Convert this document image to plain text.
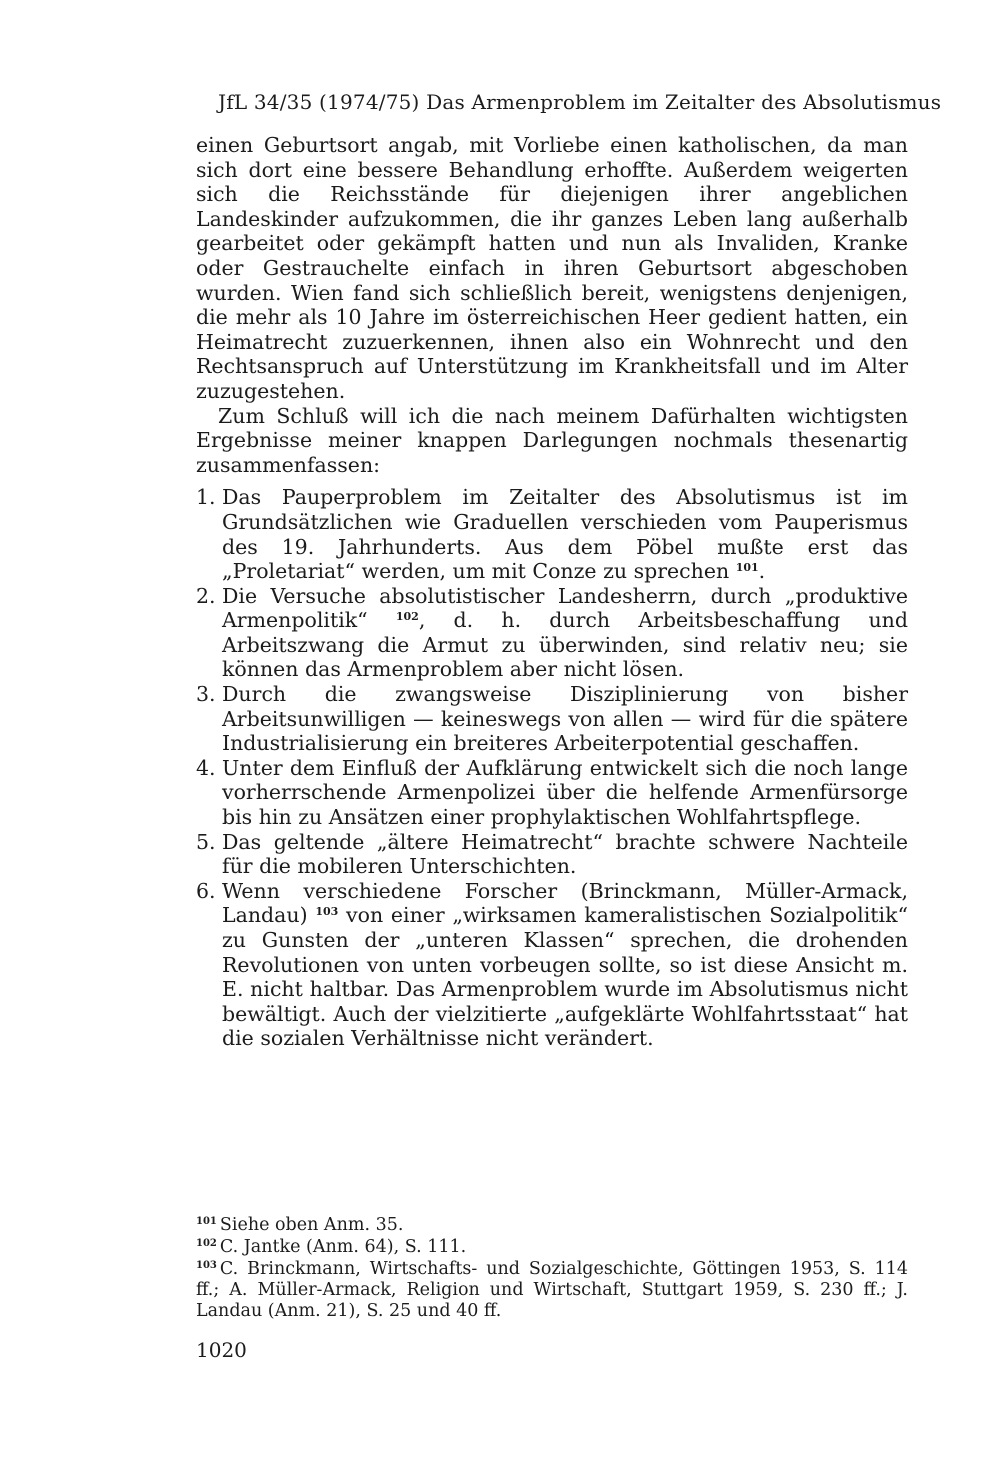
JfL 34/35 (1974/75) Das Armenproblem im Zeitalter des Absolutismus

einen Geburtsort angab, mit Vorliebe einen katholischen, da man sich dort eine bessere Behandlung erhoffte. Außerdem weigerten sich die Reichsstände für diejenigen ihrer angeblichen Landeskinder aufzukommen, die ihr ganzes Leben lang außerhalb gearbeitet oder gekämpft hatten und nun als Invaliden, Kranke oder Gestrauchelte einfach in ihren Geburtsort abgeschoben wurden. Wien fand sich schließlich bereit, wenigstens denjenigen, die mehr als 10 Jahre im österreichischen Heer gedient hatten, ein Heimatrecht zuzuerkennen, ihnen also ein Wohnrecht und den Rechtsanspruch auf Unterstützung im Krankheitsfall und im Alter zuzugestehen.

Zum Schluß will ich die nach meinem Dafürhalten wichtigsten Ergebnisse meiner knappen Darlegungen nochmals thesenartig zusammenfassen:

1. Das Pauperproblem im Zeitalter des Absolutismus ist im Grundsätzlichen wie Graduellen verschieden vom Pauperismus des 19. Jahrhunderts. Aus dem Pöbel mußte erst das „Proletariat“ werden, um mit Conze zu sprechen $^{101}$.
2. Die Versuche absolutistischer Landesherrn, durch „produktive Armenpolitik“ $^{102}$, d. h. durch Arbeitsbeschaffung und Arbeitszwang die Armut zu überwinden, sind relativ neu; sie können das Armenproblem aber nicht lösen.
3. Durch die zwangsweise Disziplinierung von bisher Arbeitsunwilligen — keineswegs von allen — wird für die spätere Industrialisierung ein breiteres Arbeiterpotential geschaffen.
4. Unter dem Einfluß der Aufklärung entwickelt sich die noch lange vorherrschende Armenpolizei über die helfende Armenfürsorge bis hin zu Ansätzen einer prophylaktischen Wohlfahrtspflege.
5. Das geltende „ältere Heimatrecht“ brachte schwere Nachteile für die mobileren Unterschichten.
6. Wenn verschiedene Forscher (Brinckmann, Müller-Armack, Landau) $^{103}$ von einer „wirksamen kameralistischen Sozialpolitik“ zu Gunsten der „unteren Klassen“ sprechen, die drohenden Revolutionen von unten vorbeugen sollte, so ist diese Ansicht m. E. nicht haltbar. Das Armenproblem wurde im Absolutismus nicht bewältigt. Auch der vielzitierte „aufgeklärte Wohlfahrtsstaat“ hat die sozialen Verhältnisse nicht verändert.

$^{101}$ Siehe oben Anm. 35.

$^{102}$ C. Jantke (Anm. 64), S. 111.

$^{103}$ C. Brinckmann, Wirtschafts- und Sozialgeschichte, Göttingen 1953, S. 114 ff.; A. Müller-Armack, Religion und Wirtschaft, Stuttgart 1959, S. 230 ff.; J. Landau (Anm. 21), S. 25 und 40 ff.

1020
